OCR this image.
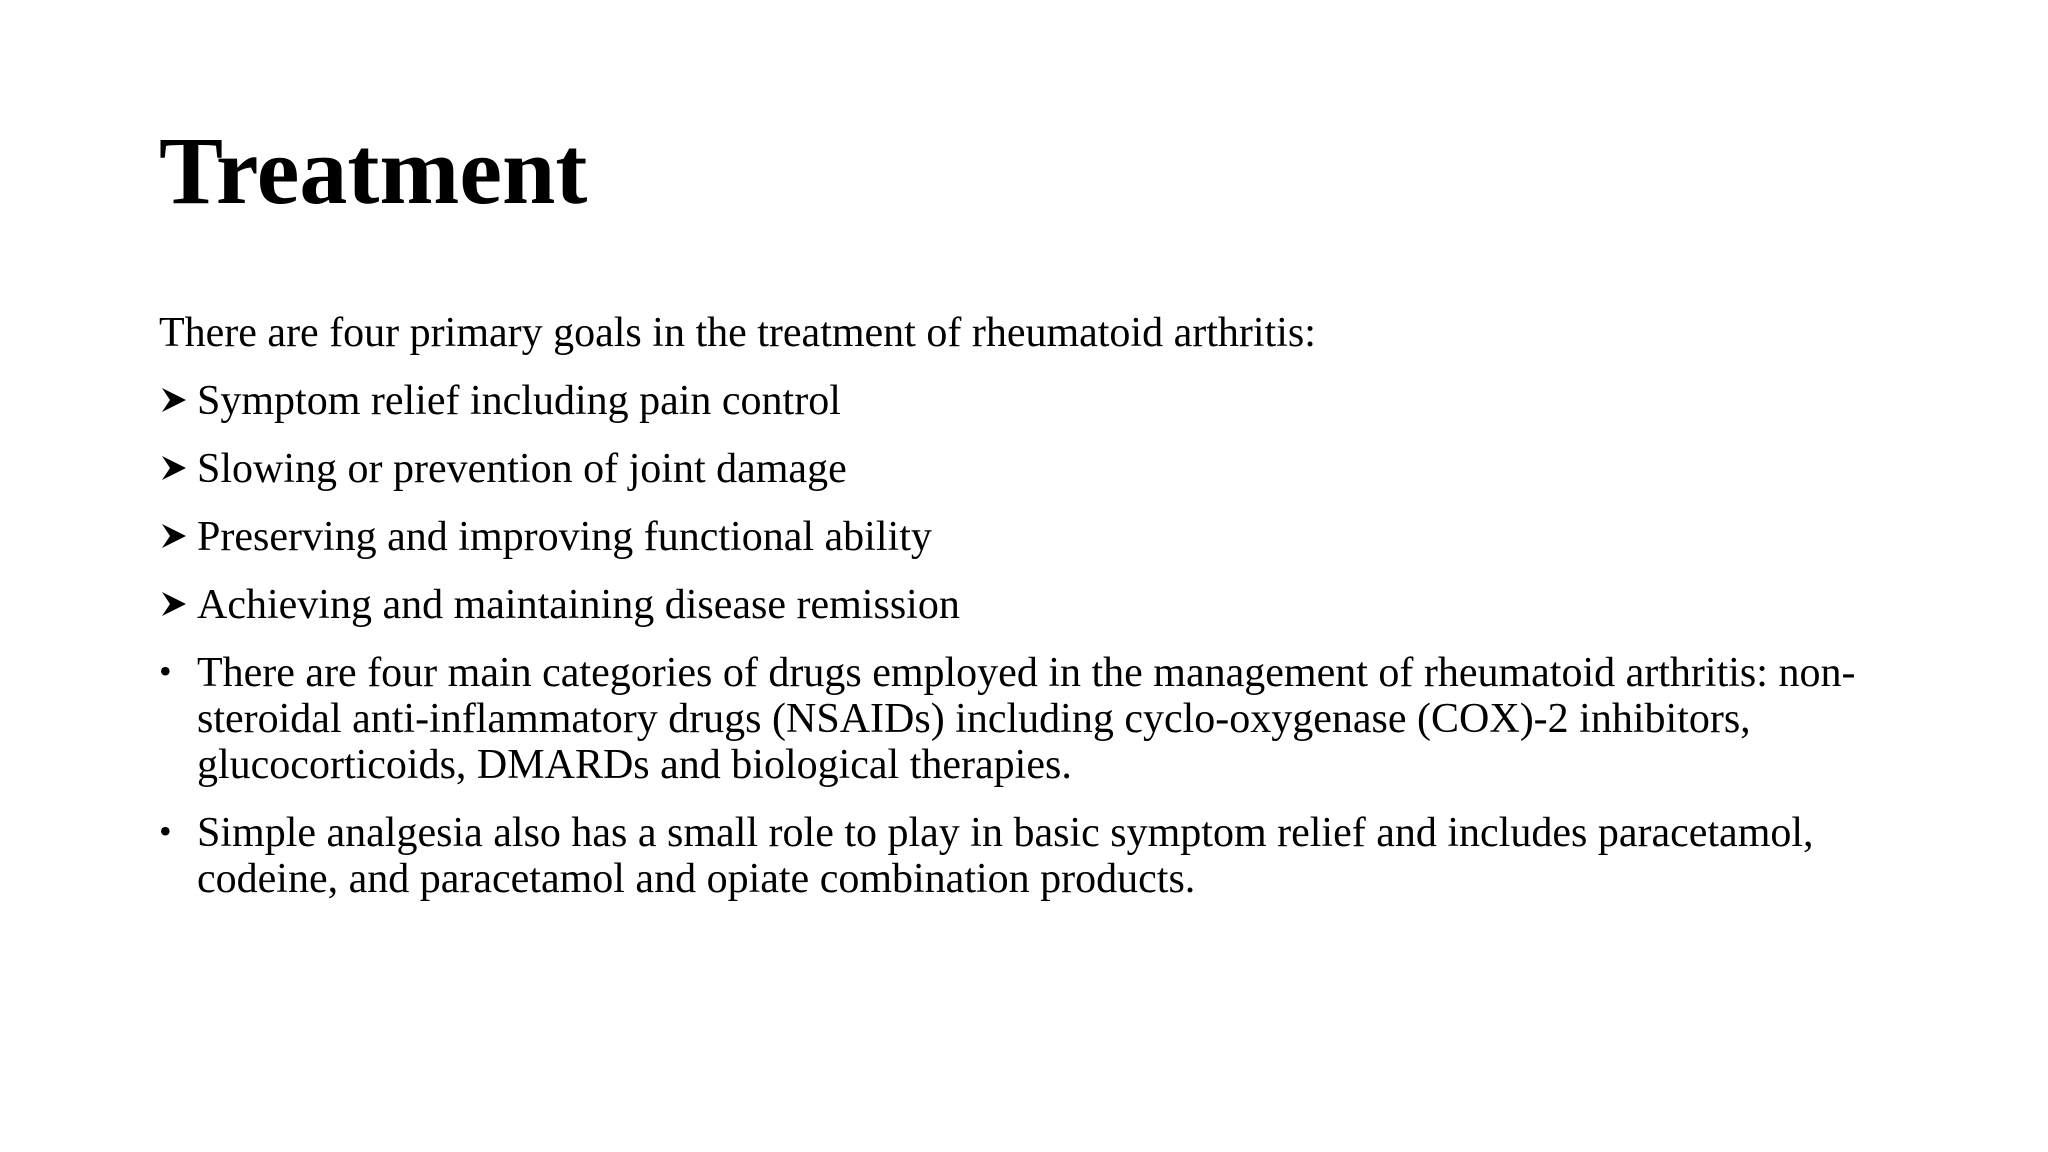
Treatment

There are four primary goals in the treatment of rheumatoid arthritis:

Symptom relief including pain control
Slowing or prevention of joint damage
Preserving and improving functional ability
Achieving and maintaining disease remission
• There are four main categories of drugs employed in the management of rheumatoid arthritis: non-steroidal anti-inflammatory drugs (NSAIDs) including cyclo-oxygenase (COX)-2 inhibitors, glucocorticoids, DMARDs and biological therapies.
• Simple analgesia also has a small role to play in basic symptom relief and includes paracetamol, codeine, and paracetamol and opiate combination products.
